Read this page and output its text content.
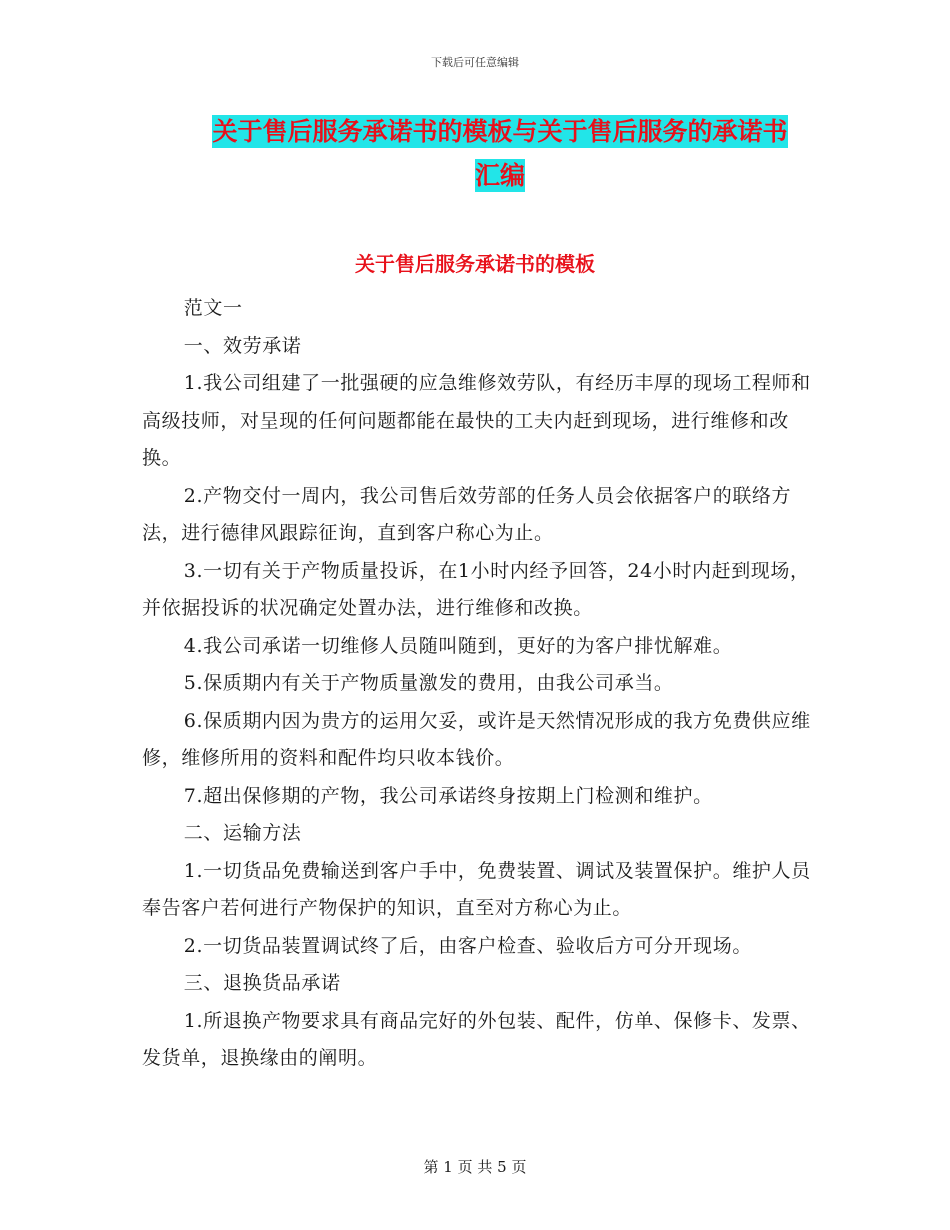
下载后可任意编辑
关于售后服务承诺书的模板与关于售后服务的承诺书
汇编
关于售后服务承诺书的模板

范文一

一、效劳承诺

1.我公司组建了一批强硬的应急维修效劳队，有经历丰厚的现场工程师和高级技师，对呈现的任何问题都能在最快的工夫内赶到现场，进行维修和改换。

2.产物交付一周内，我公司售后效劳部的任务人员会依据客户的联络方法，进行德律风跟踪征询，直到客户称心为止。

3.一切有关于产物质量投诉，在1小时内经予回答，24小时内赶到现场，并依据投诉的状况确定处置办法，进行维修和改换。

4.我公司承诺一切维修人员随叫随到，更好的为客户排忧解难。

5.保质期内有关于产物质量激发的费用，由我公司承当。

6.保质期内因为贵方的运用欠妥，或许是天然情况形成的我方免费供应维修，维修所用的资料和配件均只收本钱价。

7.超出保修期的产物，我公司承诺终身按期上门检测和维护。

二、运输方法

1.一切货品免费输送到客户手中，免费装置、调试及装置保护。维护人员奉告客户若何进行产物保护的知识，直至对方称心为止。

2.一切货品装置调试终了后，由客户检查、验收后方可分开现场。

三、退换货品承诺

1.所退换产物要求具有商品完好的外包装、配件，仿单、保修卡、发票、发货单，退换缘由的阐明。

第 1 页 共 5 页
